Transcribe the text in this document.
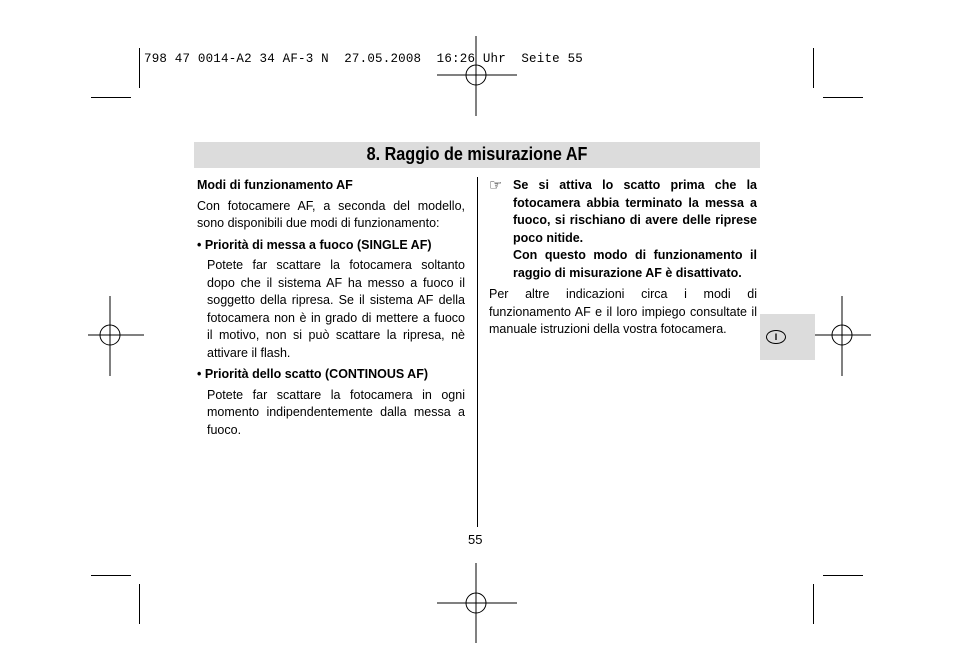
798 47 0014-A2 34 AF-3 N  27.05.2008  16:26 Uhr  Seite 55
8. Raggio de misurazione AF

Modi di funzionamento AF

Con fotocamere AF, a seconda del modello, sono disponibili due modi di funzionamento:

• Priorità di messa a fuoco (SINGLE AF)

Potete far scattare la fotocamera soltanto dopo che il sistema AF ha messo a fuoco il soggetto della ripresa. Se il sistema AF della fotocamera non è in grado di mettere a fuoco il motivo, non si può scattare la ripresa, nè attivare il flash.

• Priorità dello scatto (CONTINOUS AF)

Potete far scattare la fotocamera in ogni momento indipendentemente dalla messa a fuoco.

☞ Se si attiva lo scatto prima che la fotocamera abbia terminato la messa a fuoco, si rischiano di avere delle riprese poco nitide.

Con questo modo di funzionamento il raggio di misurazione AF è disattivato.

Per altre indicazioni circa i modi di funzionamento AF e il loro impiego consultate il manuale istruzioni della vostra fotocamera.

I
55
